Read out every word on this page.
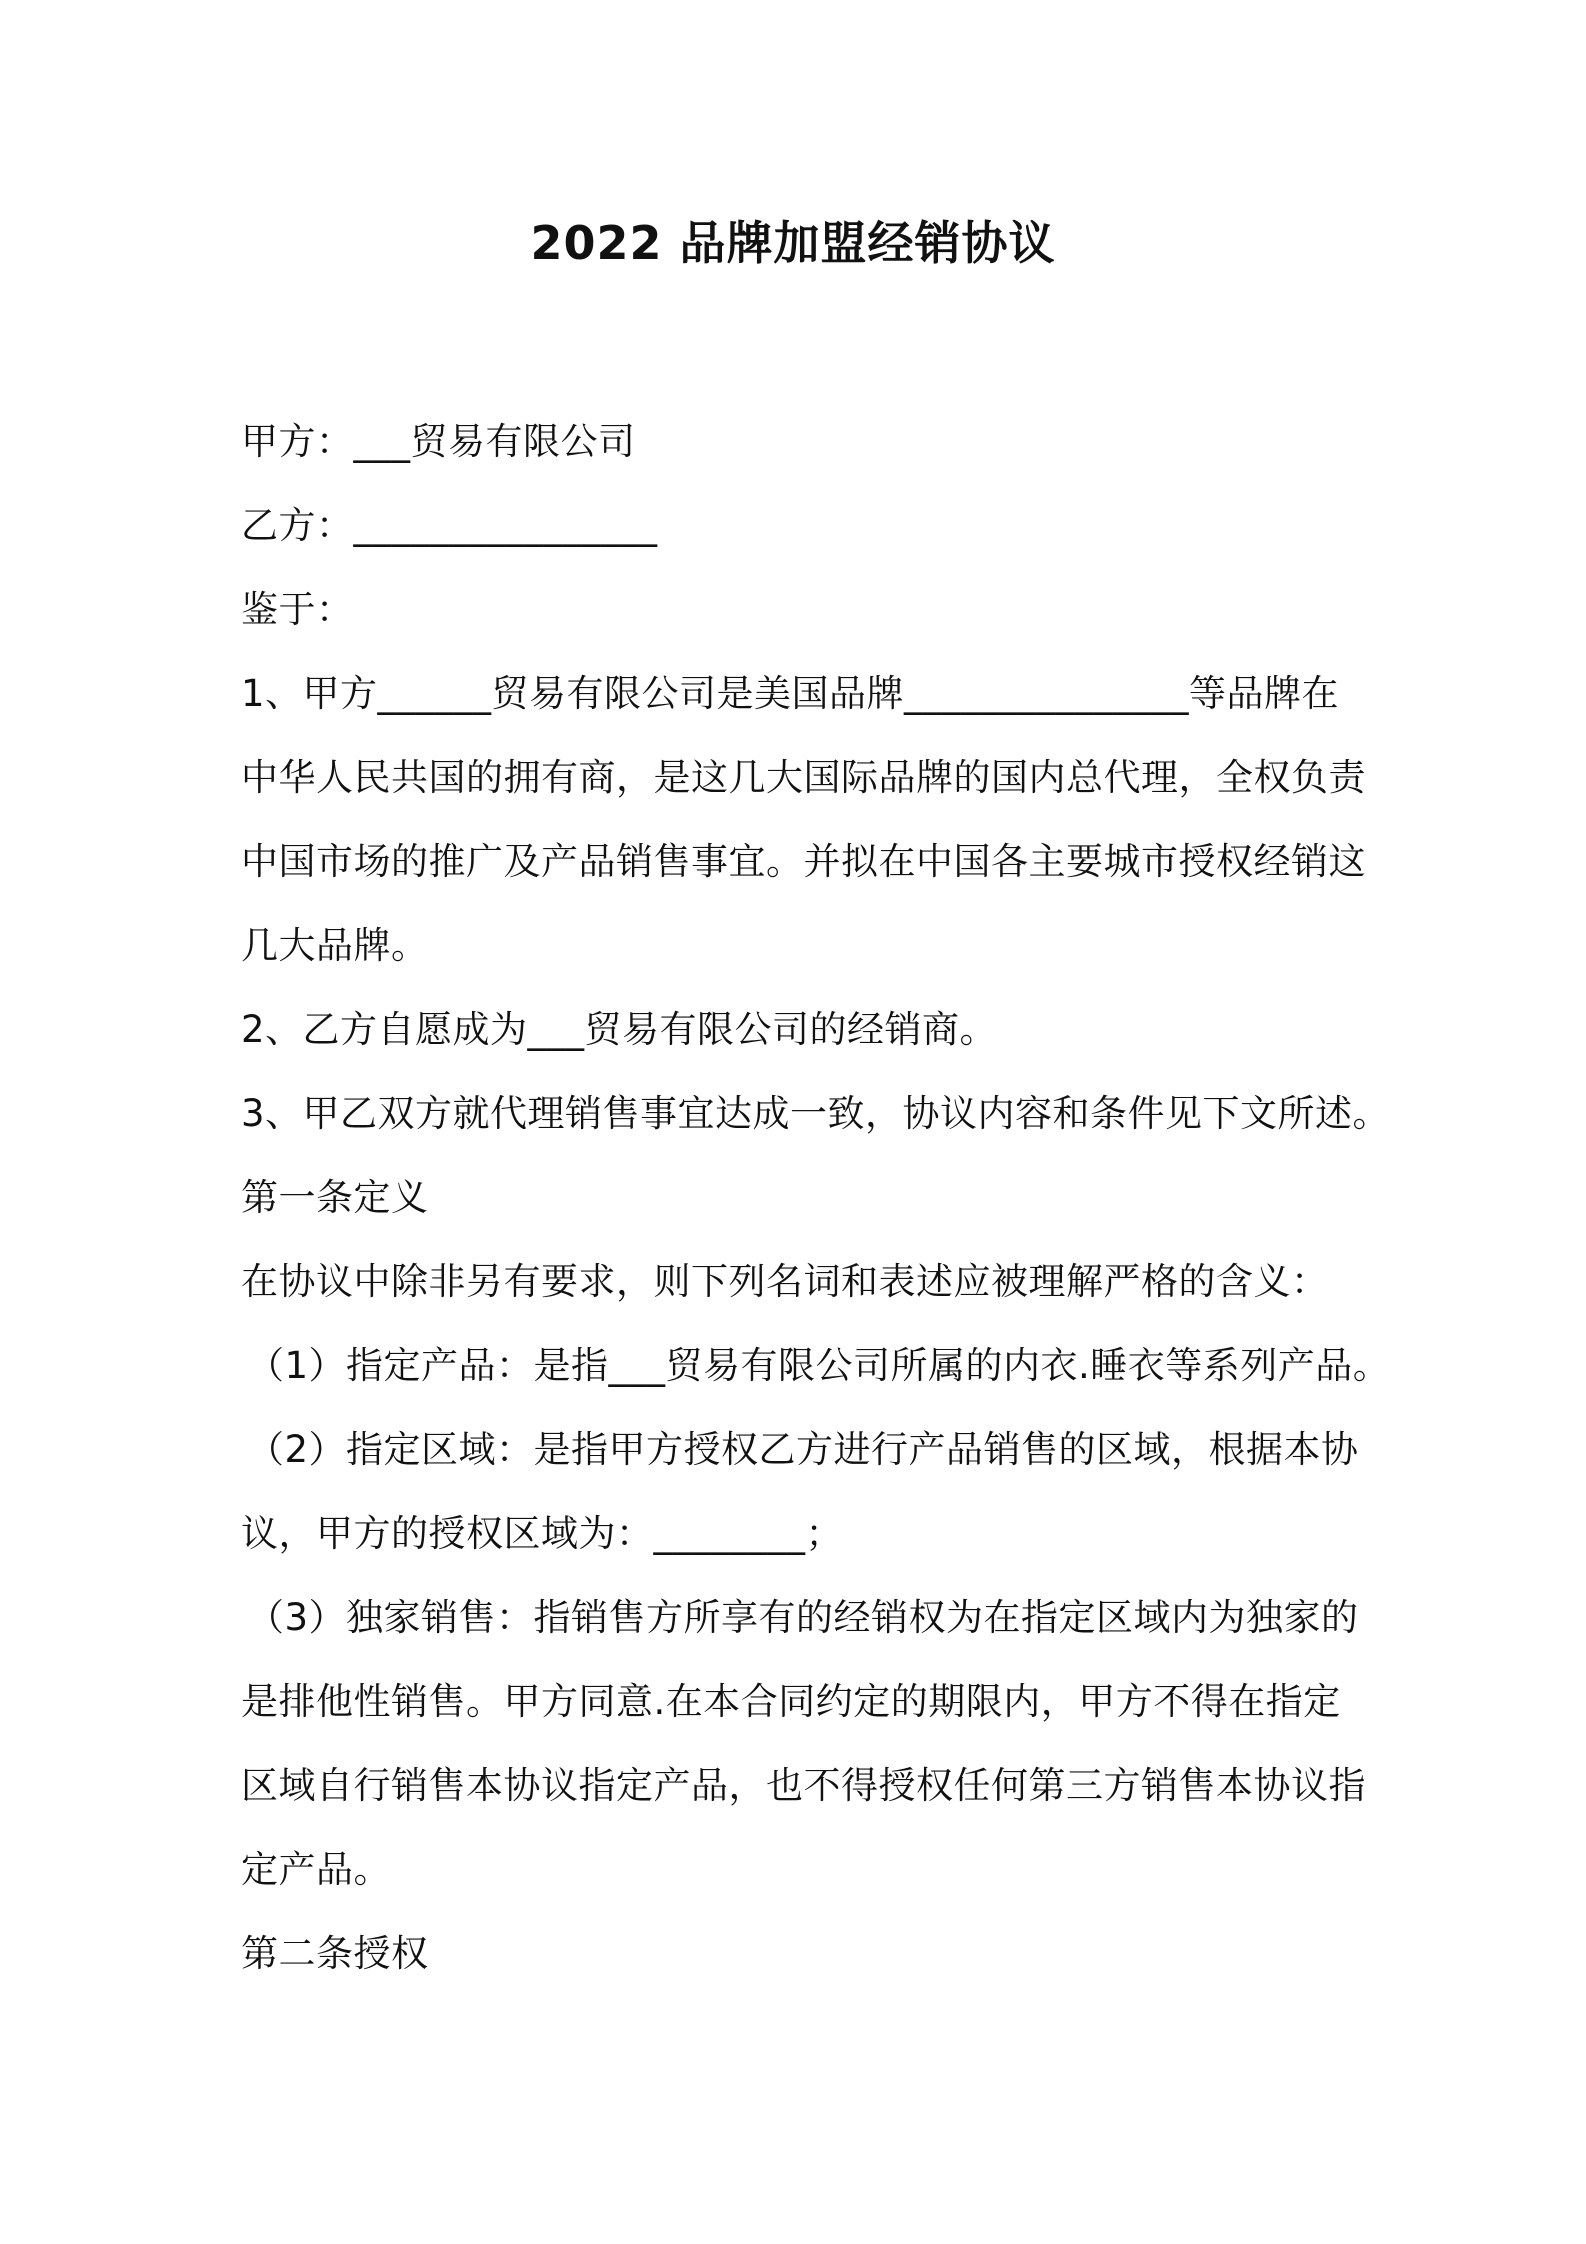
2022 品牌加盟经销协议
甲方：___贸易有限公司
乙方：________________
鉴于：
1、甲方______贸易有限公司是美国品牌_______________等品牌在
中华人民共国的拥有商，是这几大国际品牌的国内总代理，全权负责
中国市场的推广及产品销售事宜。并拟在中国各主要城市授权经销这
几大品牌。
2、乙方自愿成为___贸易有限公司的经销商。
3、甲乙双方就代理销售事宜达成一致，协议内容和条件见下文所述。
第一条定义
在协议中除非另有要求，则下列名词和表述应被理解严格的含义：
（1）指定产品：是指___贸易有限公司所属的内衣.睡衣等系列产品。
（2）指定区域：是指甲方授权乙方进行产品销售的区域，根据本协
议，甲方的授权区域为：________；
（3）独家销售：指销售方所享有的经销权为在指定区域内为独家的
是排他性销售。甲方同意.在本合同约定的期限内，甲方不得在指定
区域自行销售本协议指定产品，也不得授权任何第三方销售本协议指
定产品。
第二条授权
